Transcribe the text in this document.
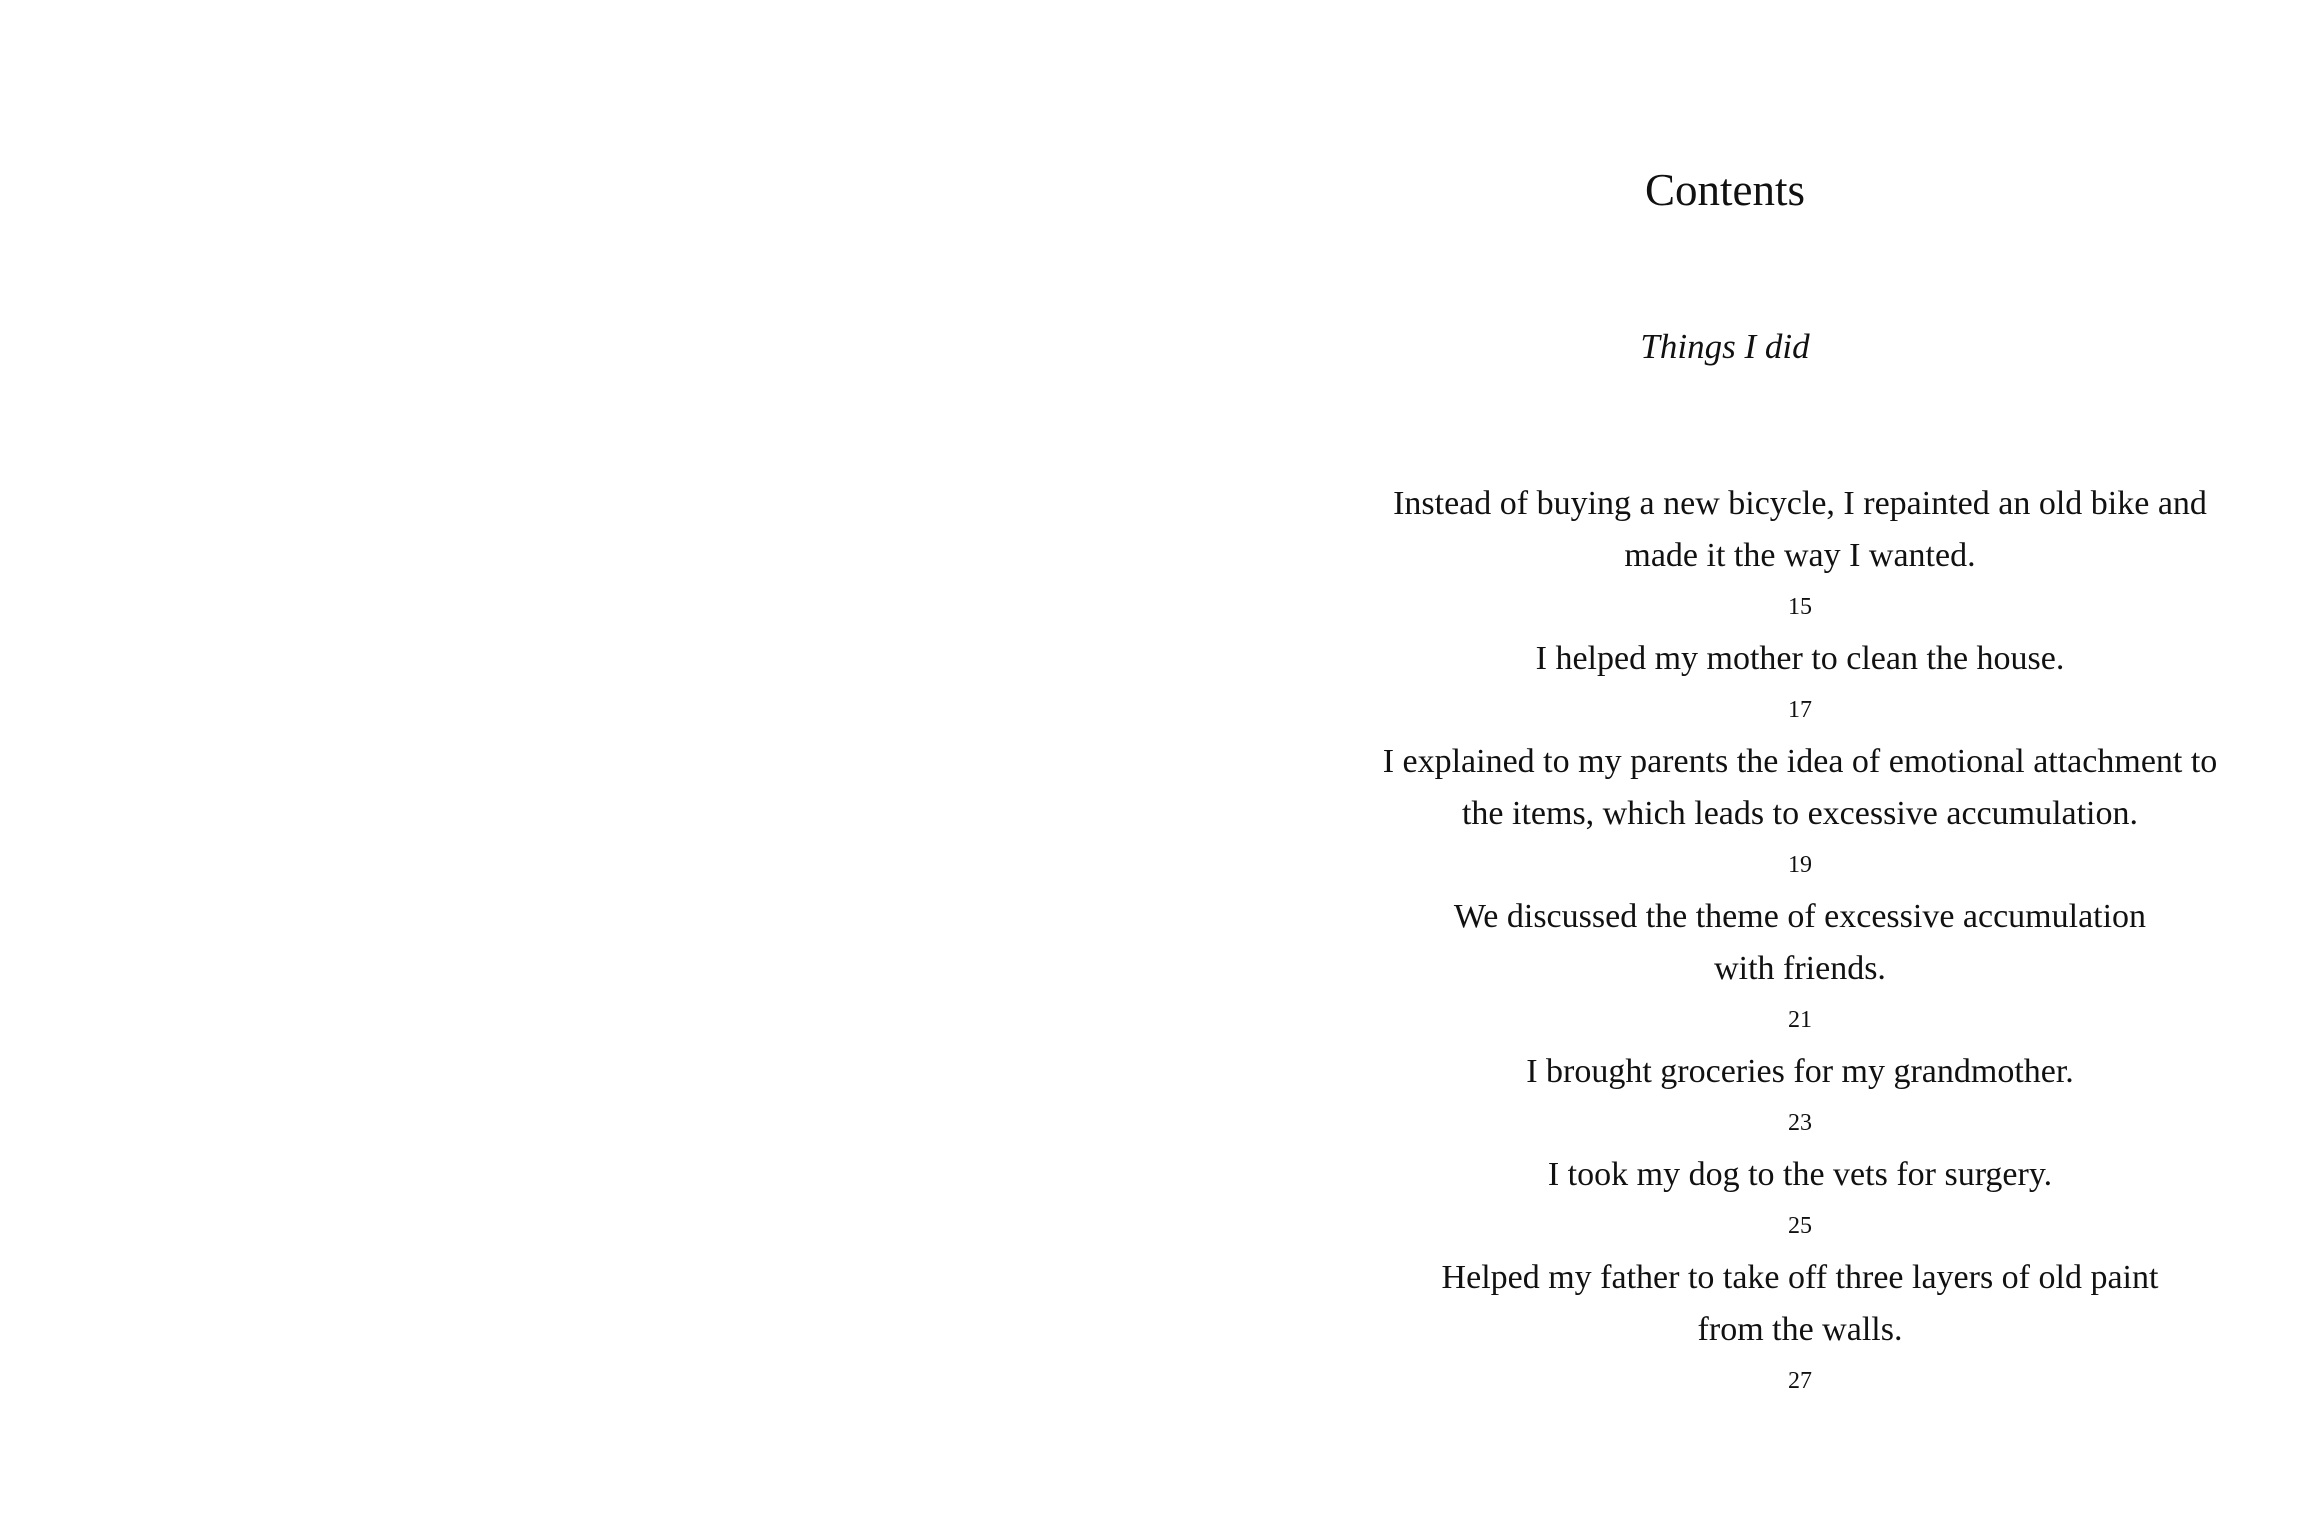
Contents

Things I did

Instead of buying a new bicycle, I repainted an old bike and made it the way I wanted.
15
I helped my mother to clean the house.
17
I explained to my parents the idea of emotional attachment to the items, which leads to excessive accumulation.
19
We discussed the theme of excessive accumulation with friends.
21
I brought groceries for my grandmother.
23
I took my dog to the vets for surgery.
25
Helped my father to take off three layers of old paint from the walls.
27
